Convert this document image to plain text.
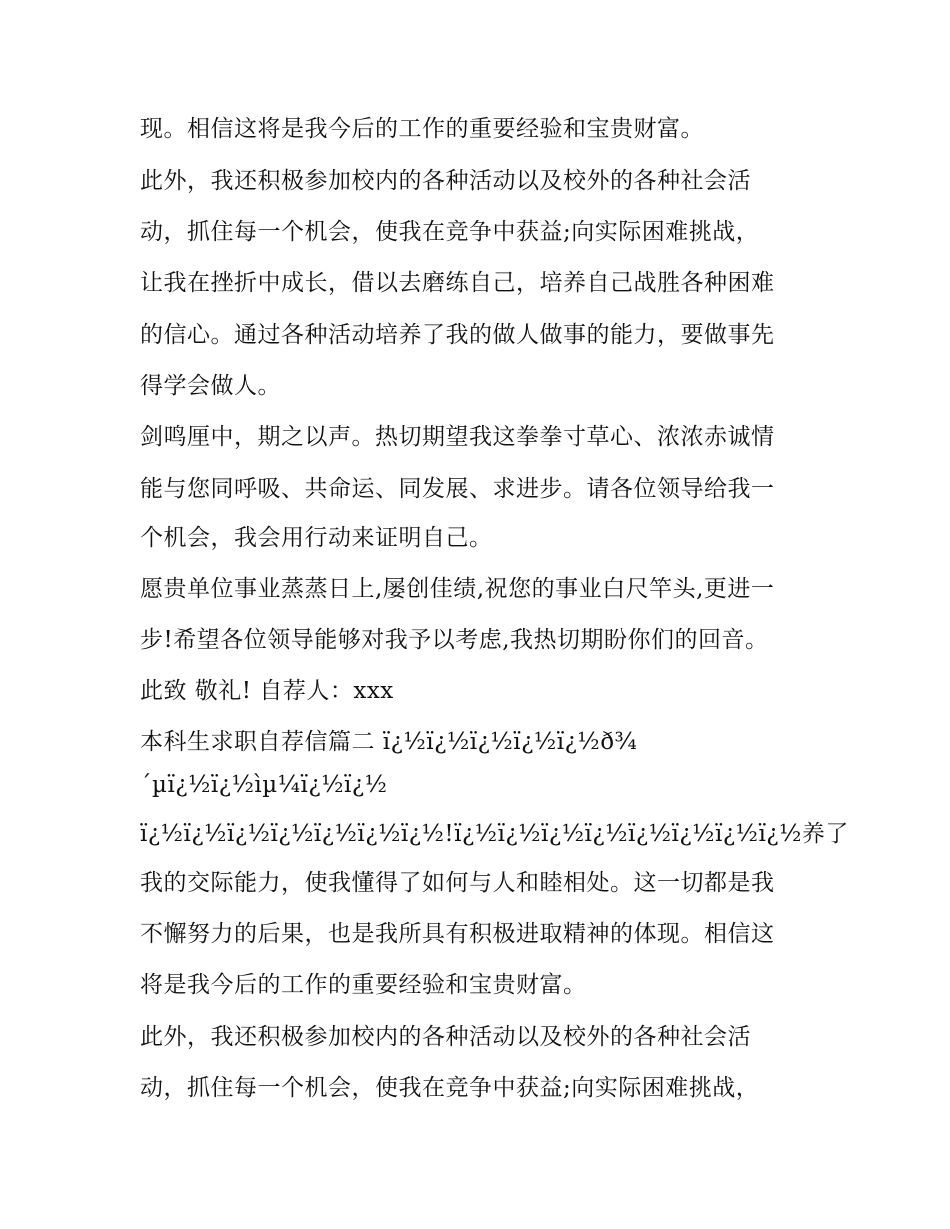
现。相信这将是我今后的工作的重要经验和宝贵财富。
此外，我还积极参加校内的各种活动以及校外的各种社会活
动，抓住每一个机会，使我在竞争中获益;向实际困难挑战，
让我在挫折中成长，借以去磨练自己，培养自己战胜各种困难
的信心。通过各种活动培养了我的做人做事的能力，要做事先
得学会做人。
剑鸣厘中，期之以声。热切期望我这拳拳寸草心、浓浓赤诚情
能与您同呼吸、共命运、同发展、求进步。请各位领导给我一
个机会，我会用行动来证明自己。
愿贵单位事业蒸蒸日上,屡创佳绩,祝您的事业白尺竿头,更进一
步!希望各位领导能够对我予以考虑,我热切期盼你们的回音。
此致 敬礼! 自荐人：xxx
本科生求职自荐信篇二 ï¿½ï¿½ï¿½ï¿½ï¿½ð¾
´µï¿½ï¿½ìµ¼ï¿½ï¿½
ï¿½ï¿½ï¿½ï¿½ï¿½ï¿½ï¿½!ï¿½ï¿½ï¿½ï¿½ï¿½ï¿½ï¿½ï¿½养了
我的交际能力，使我懂得了如何与人和睦相处。这一切都是我
不懈努力的后果，也是我所具有积极进取精神的体现。相信这
将是我今后的工作的重要经验和宝贵财富。
此外，我还积极参加校内的各种活动以及校外的各种社会活
动，抓住每一个机会，使我在竞争中获益;向实际困难挑战，
